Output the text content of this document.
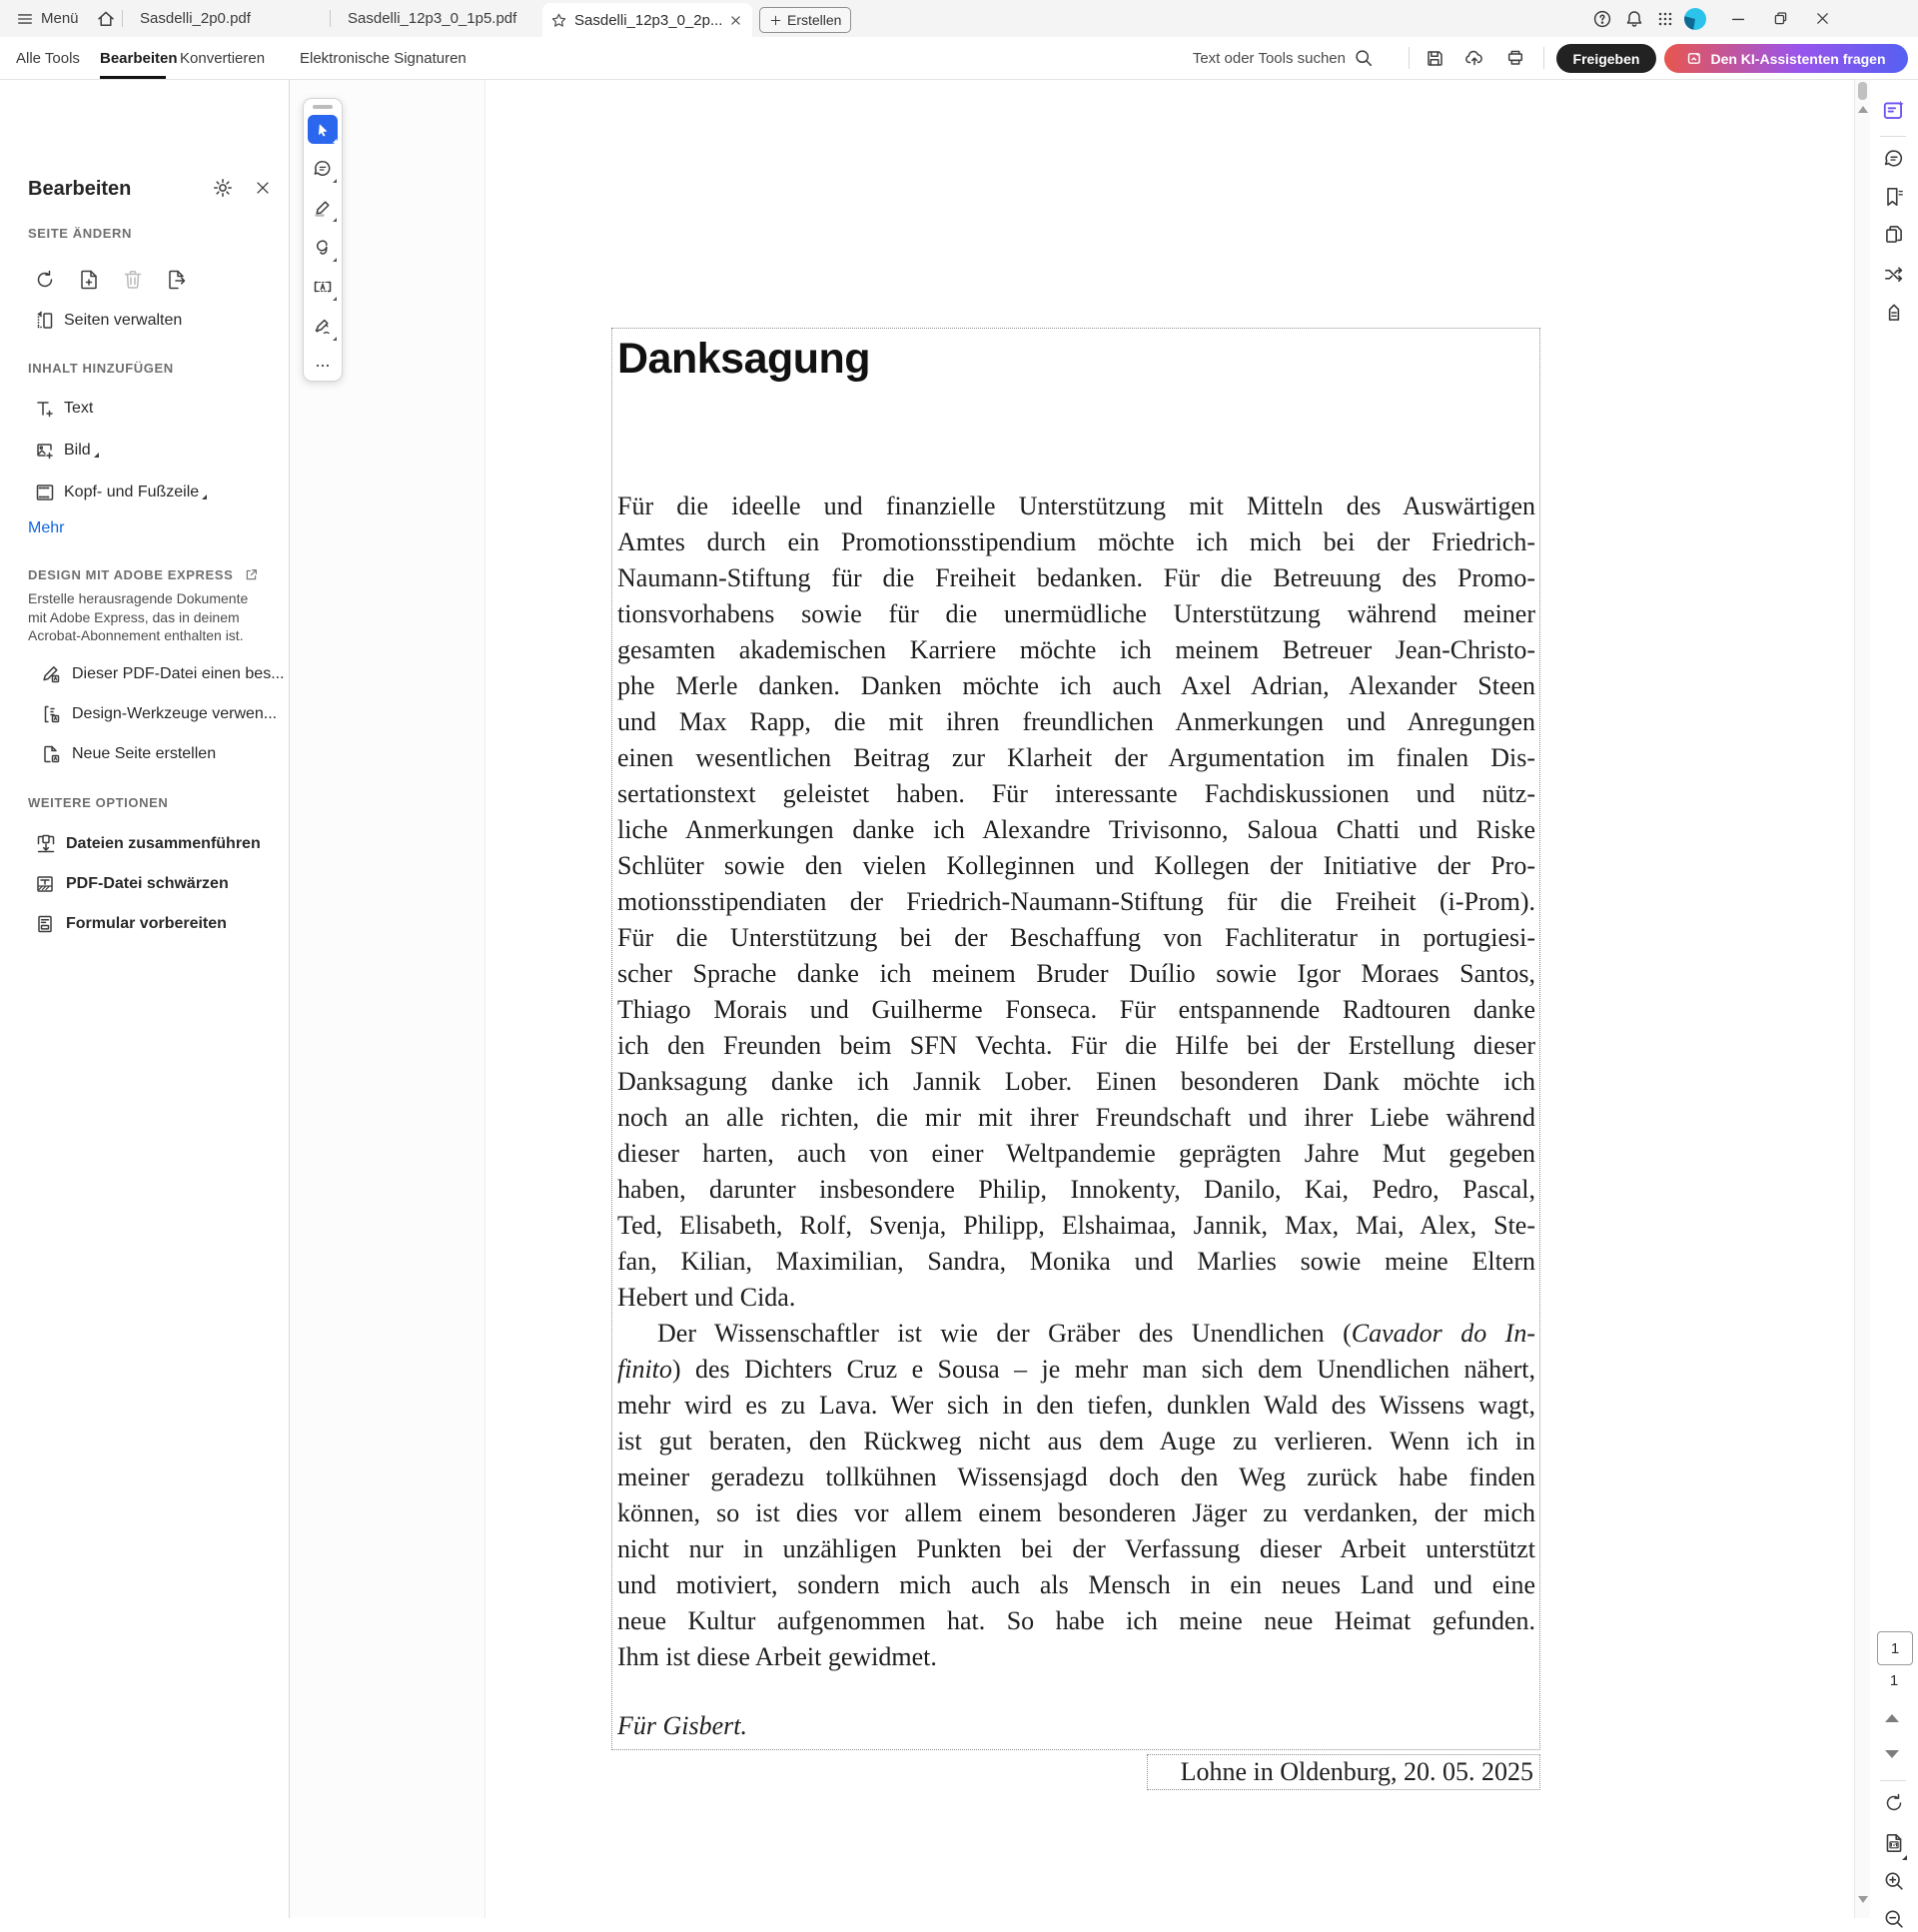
Menü	Sasdelli_2p0.pdf	Sasdelli_12p3_0_1p5.pdf	Sasdelli_12p3_0_2p...	Erstellen
Alle Tools Bearbeiten Konvertieren Elektronische Signaturen	Text oder Tools suchen	Freigeben	Den KI-Assistenten fragen
Bearbeiten
SEITE ÄNDERN
Seiten verwalten
INHALT HINZUFÜGEN
Text
Bild
Kopf- und Fußzeile
Mehr
DESIGN MIT ADOBE EXPRESS
Erstelle herausragende Dokumente mit Adobe Express, das in deinem Acrobat-Abonnement enthalten ist.
Dieser PDF-Datei einen bes...
Design-Werkzeuge verwen...
Neue Seite erstellen
WEITERE OPTIONEN
Dateien zusammenführen
PDF-Datei schwärzen
Formular vorbereiten
Danksagung
Für die ideelle und finanzielle Unterstützung mit Mitteln des Auswärtigen
Amtes durch ein Promotionsstipendium möchte ich mich bei der Friedrich-
Naumann-Stiftung für die Freiheit bedanken. Für die Betreuung des Promo-
tionsvorhabens sowie für die unermüdliche Unterstützung während meiner
gesamten akademischen Karriere möchte ich meinem Betreuer Jean-Christo-
phe Merle danken. Danken möchte ich auch Axel Adrian, Alexander Steen
und Max Rapp, die mit ihren freundlichen Anmerkungen und Anregungen
einen wesentlichen Beitrag zur Klarheit der Argumentation im finalen Dis-
sertationstext geleistet haben. Für interessante Fachdiskussionen und nütz-
liche Anmerkungen danke ich Alexandre Trivisonno, Saloua Chatti und Riske
Schlüter sowie den vielen Kolleginnen und Kollegen der Initiative der Pro-
motionsstipendiaten der Friedrich-Naumann-Stiftung für die Freiheit (i-Prom).
Für die Unterstützung bei der Beschaffung von Fachliteratur in portugiesi-
scher Sprache danke ich meinem Bruder Duílio sowie Igor Moraes Santos,
Thiago Morais und Guilherme Fonseca. Für entspannende Radtouren danke
ich den Freunden beim SFN Vechta. Für die Hilfe bei der Erstellung dieser
Danksagung danke ich Jannik Lober. Einen besonderen Dank möchte ich
noch an alle richten, die mir mit ihrer Freundschaft und ihrer Liebe während
dieser harten, auch von einer Weltpandemie geprägten Jahre Mut gegeben
haben, darunter insbesondere Philip, Innokenty, Danilo, Kai, Pedro, Pascal,
Ted, Elisabeth, Rolf, Svenja, Philipp, Elshaimaa, Jannik, Max, Mai, Alex, Ste-
fan, Kilian, Maximilian, Sandra, Monika und Marlies sowie meine Eltern
Hebert und Cida.
Der Wissenschaftler ist wie der Gräber des Unendlichen (Cavador do In-
finito) des Dichters Cruz e Sousa – je mehr man sich dem Unendlichen nähert,
mehr wird es zu Lava. Wer sich in den tiefen, dunklen Wald des Wissens wagt,
ist gut beraten, den Rückweg nicht aus dem Auge zu verlieren. Wenn ich in
meiner geradezu tollkühnen Wissensjagd doch den Weg zurück habe finden
können, so ist dies vor allem einem besonderen Jäger zu verdanken, der mich
nicht nur in unzähligen Punkten bei der Verfassung dieser Arbeit unterstützt
und motiviert, sondern mich auch als Mensch in ein neues Land und eine
neue Kultur aufgenommen hat. So habe ich meine neue Heimat gefunden.
Ihm ist diese Arbeit gewidmet.
Für Gisbert.
Lohne in Oldenburg, 20. 05. 2025
1
1
